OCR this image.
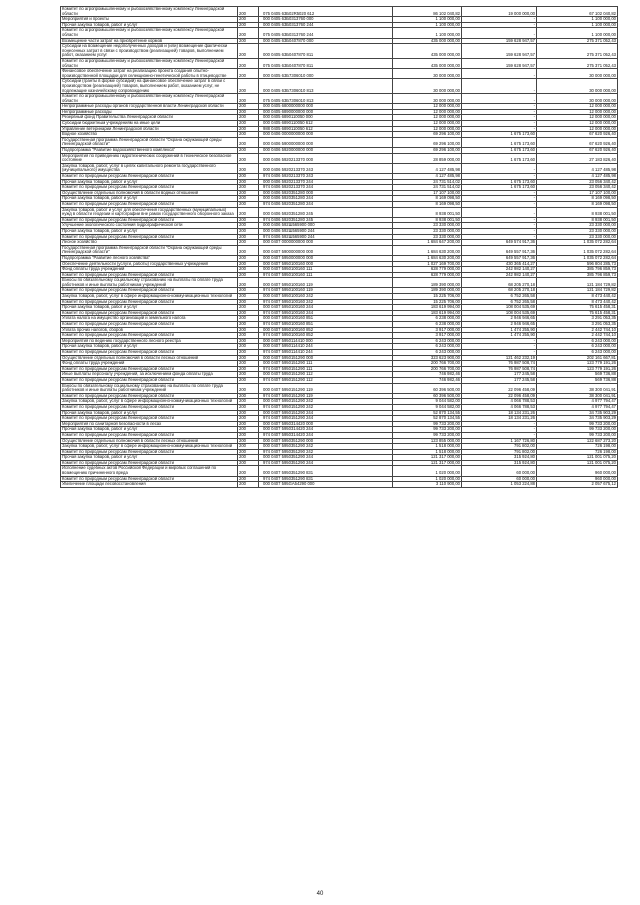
Комитет по агропромышленному и рыбохозяйственному комплексу Ленинградской области	200	075 0405 63Б02R5020 612	86 102 040,82	19 000 000,00	67 102 040,82
Мероприятия и проекты	200	000 0405 63Б0313760 000	1 100 000,00	-	1 100 000,00
Прочая закупка товаров, работ и услуг	200	000 0405 63Б0313760 244	1 100 000,00	-	1 100 000,00
Комитет по агропромышленному и рыбохозяйственному комплексу Ленинградской области	200	075 0405 63Б0313760 244	1 100 000,00	-	1 100 000,00
Возмещение части затрат на приобретение кормов	200	000 0405 63Б0407870 000	435 000 000,00	159 628 947,57	275 371 052,43
Субсидии на возмещение недополученных доходов и (или) возмещение фактически понесенных затрат в связи с производством (реализацией) товаров, выполнением работ, оказанием услуг	200	000 0405 63Б0407870 811	435 000 000,00	159 628 947,57	275 371 052,43
Комитет по агропромышленному и рыбохозяйственному комплексу Ленинградской области	200	075 0405 63Б0407870 811	435 000 000,00	159 628 947,57	275 371 052,43
Финансовое обеспечение затрат на реализацию проекта создания опытно-производственной площадки для селекционно-генетической работы в птицеводстве	200	000 0405 63Б7306010 000	30 000 000,00	-	30 000 000,00
Субсидии (гранты в форме субсидий) на финансовое обеспечение затрат в связи с производством (реализацией) товаров, выполнением работ, оказанием услуг, не подлежащие казначейскому сопровождению	200	000 0405 63Б7306010 813	30 000 000,00	-	30 000 000,00
Комитет по агропромышленному и рыбохозяйственному комплексу Ленинградской области	200	075 0405 63Б7306010 813	30 000 000,00	-	30 000 000,00
Непрограммные расходы органов государственной власти Ленинградской области	200	000 0405 6800000000 000	12 000 000,00	-	12 000 000,00
Непрограммные расходы	200	000 0405 6890000000 000	12 000 000,00	-	12 000 000,00
Резервный фонд Правительства Ленинградской области	200	000 0405 6890110050 000	12 000 000,00	-	12 000 000,00
Субсидии бюджетным учреждениям на иные цели	200	000 0405 6890110050 612	12 000 000,00	-	12 000 000,00
Управление ветеринарии Ленинградской области	200	988 0405 6890110050 612	12 000 000,00	-	12 000 000,00
Водное хозяйство	200	000 0406 0000000000 000	69 296 100,00	1 675 173,60	67 620 926,40
Государственная программа Ленинградской области "Охрана окружающей среды Ленинградской области"	200	000 0406 5900000000 000	69 296 100,00	1 675 173,60	67 620 926,40
Подпрограмма "Развитие водохозяйственного комплекса"	200	000 0406 5920000000 000	69 296 100,00	1 675 173,60	67 620 926,40
Мероприятия по приведению гидротехнических сооружений в техническое безопасное состояние	200	000 0406 5920213370 000	28 859 000,00	1 675 173,60	27 183 826,40
Закупка товаров, работ, услуг в целях капитального ремонта государственного (муниципального) имущества	200	000 0406 5920213370 243	4 127 485,98	-	4 127 485,98
Комитет по природным ресурсам Ленинградской области	200	974 0406 5920213370 243	4 127 485,98	-	4 127 485,98
Прочая закупка товаров, работ и услуг	200	000 0406 5920213370 244	24 731 514,02	1 675 173,60	23 056 340,42
Комитет по природным ресурсам Ленинградской области	200	974 0406 5920213370 244	24 731 514,02	1 675 173,60	23 056 340,42
Осуществление отдельных полномочий в области водных отношений	200	000 0406 5920351280 000	17 107 100,00	-	17 107 100,00
Прочая закупка товаров, работ и услуг	200	000 0406 5920351280 244	8 169 098,50	-	8 169 098,50
Комитет по природным ресурсам Ленинградской области	200	974 0406 5920351280 244	8 169 098,50	-	8 169 098,50
Закупка товаров, работ и услуг для обеспечения государственных (муниципальных) нужд в области геодезии и картографии вне рамок государственного оборонного заказа	200	000 0406 5920351280 245	8 938 001,50	-	8 938 001,50
Комитет по природным ресурсам Ленинградской области	200	974 0406 5920351280 245	8 938 001,50	-	8 938 001,50
Улучшение экологического состояния гидрографической сети	200	000 0406 592Ш565900 000	23 330 000,00	-	23 330 000,00
Прочая закупка товаров, работ и услуг	200	000 0406 592Ш565900 244	23 330 000,00	-	23 330 000,00
Комитет по природным ресурсам Ленинградской области	200	974 0406 592Ш565900 244	23 330 000,00	-	23 330 000,00
Лесное хозяйство	200	000 0407 0000000000 000	1 684 647 200,00	649 574 917,36	1 035 072 282,64
Государственная программа Ленинградской области "Охрана окружающей среды Ленинградской области"	200	000 0407 5900000000 000	1 684 630 200,00	649 557 917,36	1 035 072 282,64
Подпрограмма "Развитие лесного хозяйства"	200	000 0407 5950000000 000	1 684 630 200,00	649 557 917,36	1 035 072 282,64
Обеспечение деятельности (услуги, работы) государственных учреждений	200	000 0407 5950100160 000	1 027 169 700,00	430 365 414,27	596 804 285,73
Фонд оплаты труда учреждений	200	000 0407 5950100160 111	628 779 000,00	242 982 140,27	385 796 859,73
Комитет по природным ресурсам Ленинградской области	200	974 0407 5950100160 111	628 779 000,00	242 982 140,27	385 796 859,73
Взносы по обязательному социальному страхованию на выплаты по оплате труда работников и иные выплаты работникам учреждений	200	000 0407 5950100160 119	189 390 000,00	68 205 270,18	121 184 729,82
Комитет по природным ресурсам Ленинградской области	200	974 0407 5950100160 119	189 390 000,00	68 205 270,18	121 184 729,82
Закупка товаров, работ, услуг в сфере информационно-коммуникационных технологий	200	000 0407 5950100160 242	15 225 706,00	6 752 265,58	8 473 440,42
Комитет по природным ресурсам Ленинградской области	200	974 0407 5950100160 242	15 225 706,00	6 752 265,58	8 473 440,42
Прочая закупка товаров, работ и услуг	200	000 0407 5950100160 244	183 619 994,00	108 004 535,69	75 615 458,31
Комитет по природным ресурсам Ленинградской области	200	974 0407 5950100160 244	183 619 994,00	108 004 535,69	75 615 458,31
Уплата налога на имущество организаций и земельного налога	200	000 0407 5950100160 851	6 238 000,00	2 946 946,65	3 291 053,35
Комитет по природным ресурсам Ленинградской области	200	974 0407 5950100160 851	6 238 000,00	2 946 946,65	3 291 053,35
Уплата прочих налогов, сборов	200	000 0407 5950100160 852	3 917 000,00	1 474 255,90	2 442 744,10
Комитет по природным ресурсам Ленинградской области	200	974 0407 5950100160 852	3 917 000,00	1 474 255,90	2 442 744,10
Мероприятия по ведению государственного лесного реестра	200	000 0407 5950114410 000	6 243 000,00	-	6 243 000,00
Прочая закупка товаров, работ и услуг	200	000 0407 5950114410 244	6 243 000,00	-	6 243 000,00
Комитет по природным ресурсам Ленинградской области	200	974 0407 5950114410 244	6 243 000,00	-	6 243 000,00
Осуществление отдельных полномочий в области лесных отношений	200	000 0407 5950151290 000	323 623 900,00	121 462 232,19	202 161 667,81
Фонд оплаты труда учреждений	200	000 0407 5950151290 111	200 766 700,00	76 987 508,74	123 779 191,26
Комитет по природным ресурсам Ленинградской области	200	974 0407 5950151290 111	200 766 700,00	76 987 508,74	123 779 191,26
Иные выплаты персоналу учреждений, за исключением фонда оплаты труда	200	000 0407 5950151290 112	746 982,46	177 245,58	569 736,88
Комитет по природным ресурсам Ленинградской области	200	974 0407 5950151290 112	746 982,46	177 245,58	569 736,88
Взносы по обязательному социальному страхованию на выплаты по оплате труда работников и иные выплаты работникам учреждений	200	000 0407 5950151290 119	60 396 500,00	22 096 458,09	38 300 041,91
Комитет по природным ресурсам Ленинградской области	200	974 0407 5950151290 119	60 396 500,00	22 096 458,09	38 300 041,91
Закупка товаров, работ, услуг в сфере информационно-коммуникационных технологий	200	000 0407 5950151290 242	9 044 582,00	4 066 788,53	4 977 794,47
Комитет по природным ресурсам Ленинградской области	200	974 0407 5950151290 242	9 044 582,00	4 066 788,53	4 977 794,47
Прочая закупка товаров, работ и услуг	200	000 0407 5950151290 244	52 870 134,55	18 134 231,26	34 735 903,29
Комитет по природным ресурсам Ленинградской области	200	974 0407 5950151290 244	52 870 134,55	18 134 231,26	34 735 903,29
Мероприятия по санитарной безопасности в лесах	200	000 0407 5950314420 000	99 733 200,00	-	99 733 200,00
Прочая закупка товаров, работ и услуг	200	000 0407 5950314420 244	99 733 200,00	-	99 733 200,00
Комитет по природным ресурсам Ленинградской области	200	974 0407 5950314420 244	99 733 200,00	-	99 733 200,00
Осуществление отдельных полномочий в области лесных отношений	200	000 0407 5950351290 000	123 855 000,00	1 167 726,80	122 687 273,20
Закупка товаров, работ, услуг в сфере информационно-коммуникационных технологий	200	000 0407 5950351290 242	1 518 000,00	791 802,00	726 198,00
Комитет по природным ресурсам Ленинградской области	200	974 0407 5950351290 242	1 518 000,00	791 802,00	726 198,00
Прочая закупка товаров, работ и услуг	200	000 0407 5950351290 244	121 317 000,00	315 924,80	121 001 075,20
Комитет по природным ресурсам Ленинградской области	200	974 0407 5950351290 244	121 317 000,00	315 924,80	121 001 075,20
Исполнение судебных актов Российской Федерации и мировых соглашений по возмещению причиненного вреда	200	000 0407 5950351290 831	1 020 000,00	60 000,00	960 000,00
Комитет по природным ресурсам Ленинградской области	200	974 0407 5950351290 831	1 020 000,00	60 000,00	960 000,00
Увеличение площади лесовосстановления	200	000 0407 595GA54290 000	3 110 900,00	1 053 224,88	2 057 675,12
40
